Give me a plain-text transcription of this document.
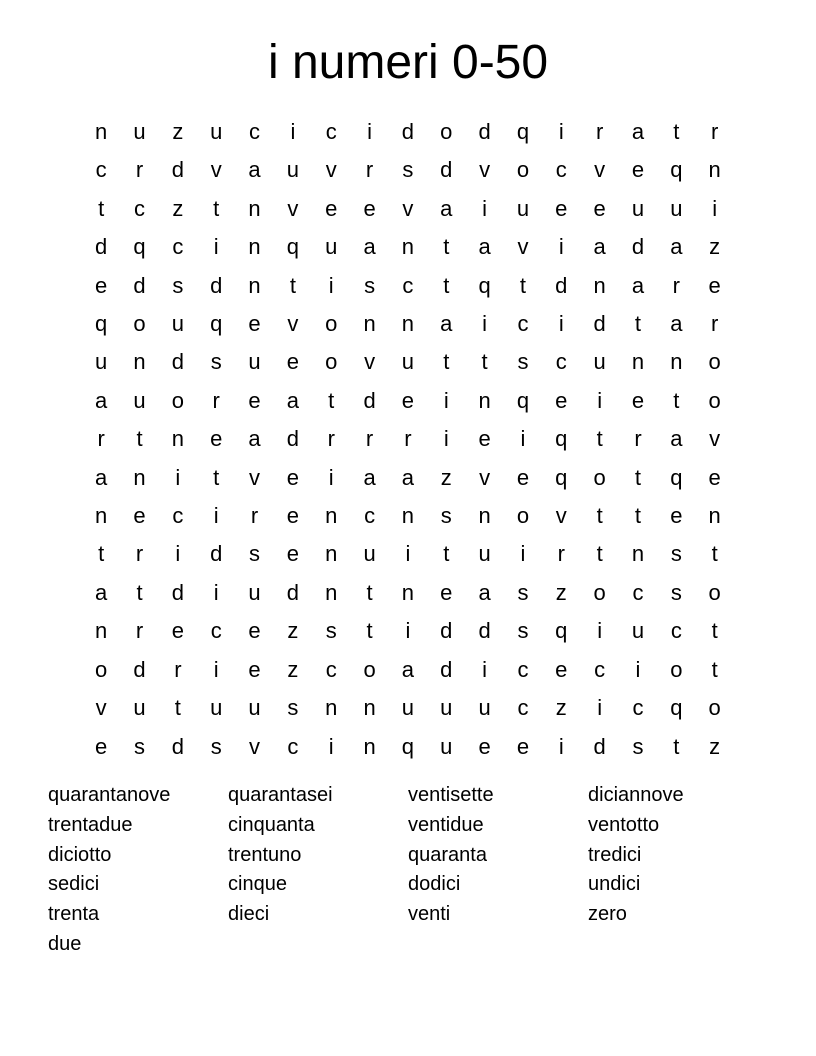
i numeri 0-50
n	u	z	u	c	i	c	i	d	o	d	q	i	r	a	t	r
c	r	d	v	a	u	v	r	s	d	v	o	c	v	e	q	n
t	c	z	t	n	v	e	e	v	a	i	u	e	e	u	u	i
d	q	c	i	n	q	u	a	n	t	a	v	i	a	d	a	z
e	d	s	d	n	t	i	s	c	t	q	t	d	n	a	r	e
q	o	u	q	e	v	o	n	n	a	i	c	i	d	t	a	r
u	n	d	s	u	e	o	v	u	t	t	s	c	u	n	n	o
a	u	o	r	e	a	t	d	e	i	n	q	e	i	e	t	o
r	t	n	e	a	d	r	r	r	i	e	i	q	t	r	a	v
a	n	i	t	v	e	i	a	a	z	v	e	q	o	t	q	e
n	e	c	i	r	e	n	c	n	s	n	o	v	t	t	e	n
t	r	i	d	s	e	n	u	i	t	u	i	r	t	n	s	t
a	t	d	i	u	d	n	t	n	e	a	s	z	o	c	s	o
n	r	e	c	e	z	s	t	i	d	d	s	q	i	u	c	t
o	d	r	i	e	z	c	o	a	d	i	c	e	c	i	o	t
v	u	t	u	u	s	n	n	u	u	u	c	z	i	c	q	o
e	s	d	s	v	c	i	n	q	u	e	e	i	d	s	t	z
quarantanove	quarantasei	ventisette	diciannove
trentadue	cinquanta	ventidue	ventotto
diciotto	trentuno	quaranta	tredici
sedici	cinque	dodici	undici
trenta	dieci	venti	zero
due
